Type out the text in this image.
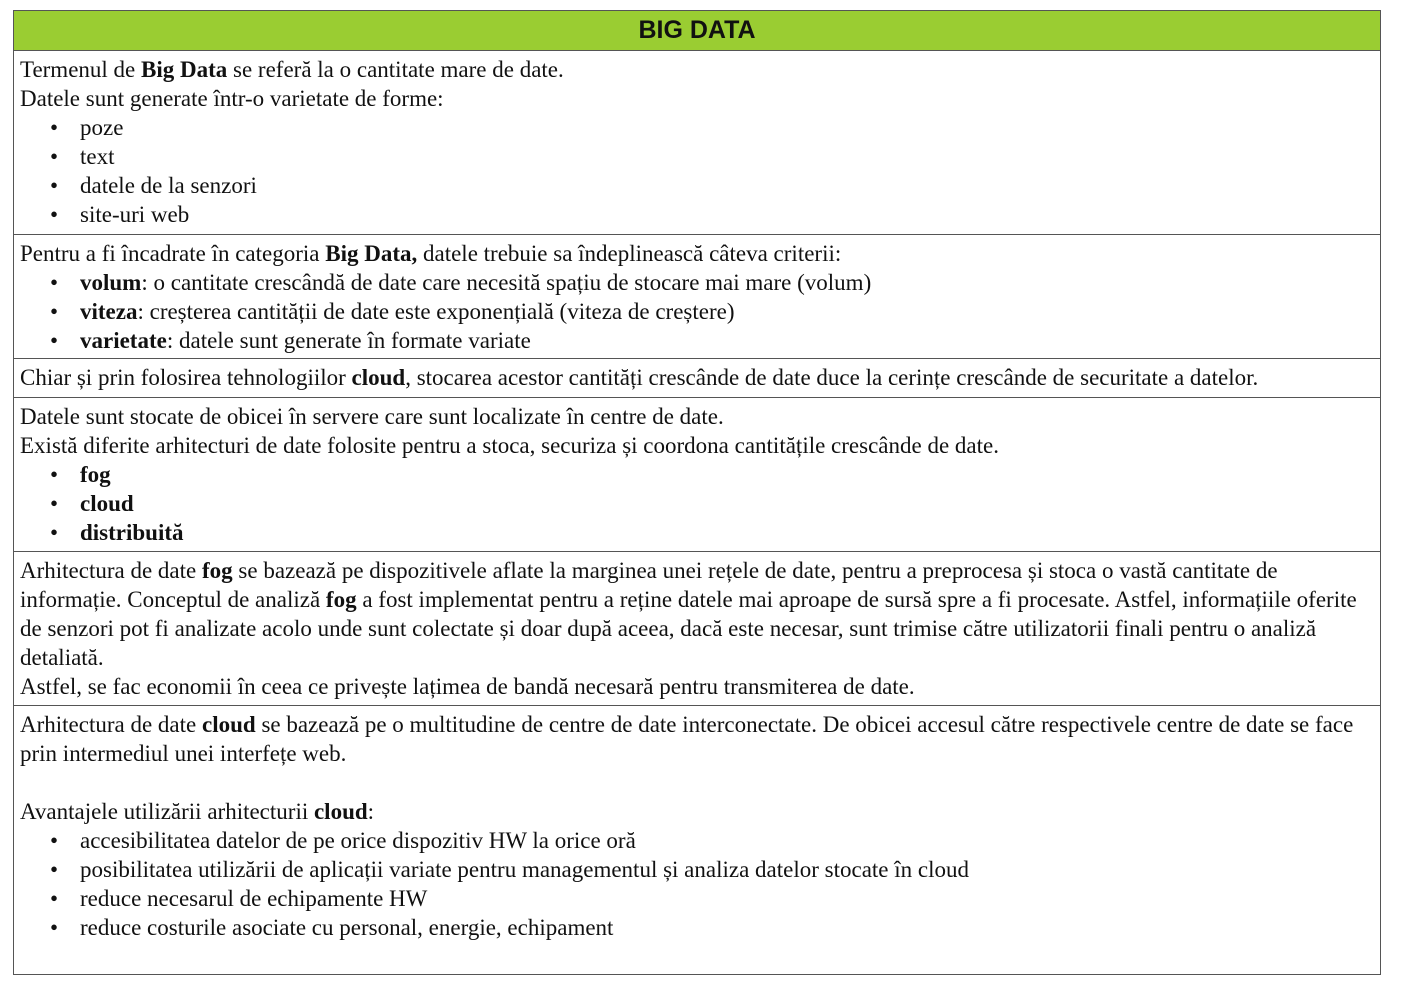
BIG DATA

Termenul de Big Data se referă la o cantitate mare de date.

Datele sunt generate într-o varietate de forme:

• poze
• text
• datele de la senzori
• site-uri web

Pentru a fi încadrate în categoria Big Data, datele trebuie sa îndeplinească câteva criterii:

• volum: o cantitate crescândă de date care necesită spațiu de stocare mai mare (volum)
• viteza: creșterea cantității de date este exponențială (viteza de creștere)
• varietate: datele sunt generate în formate variate

Chiar și prin folosirea tehnologiilor cloud, stocarea acestor cantități crescânde de date duce la cerințe crescânde de securitate a datelor.

Datele sunt stocate de obicei în servere care sunt localizate în centre de date.

Există diferite arhitecturi de date folosite pentru a stoca, securiza și coordona cantitățile crescânde de date.

• fog
• cloud
• distribuită

Arhitectura de date fog se bazează pe dispozitivele aflate la marginea unei rețele de date, pentru a preprocesa și stoca o vastă cantitate de informație. Conceptul de analiză fog a fost implementat pentru a reține datele mai aproape de sursă spre a fi procesate. Astfel, informațiile oferite de senzori pot fi analizate acolo unde sunt colectate și doar după aceea, dacă este necesar, sunt trimise către utilizatorii finali pentru o analiză detaliată.

Astfel, se fac economii în ceea ce privește lațimea de bandă necesară pentru transmiterea de date.

Arhitectura de date cloud se bazează pe o multitudine de centre de date interconectate. De obicei accesul către respectivele centre de date se face prin intermediul unei interfețe web.

Avantajele utilizării arhitecturii cloud:

• accesibilitatea datelor de pe orice dispozitiv HW la orice oră
• posibilitatea utilizării de aplicații variate pentru managementul și analiza datelor stocate în cloud
• reduce necesarul de echipamente HW
• reduce costurile asociate cu personal, energie, echipament
